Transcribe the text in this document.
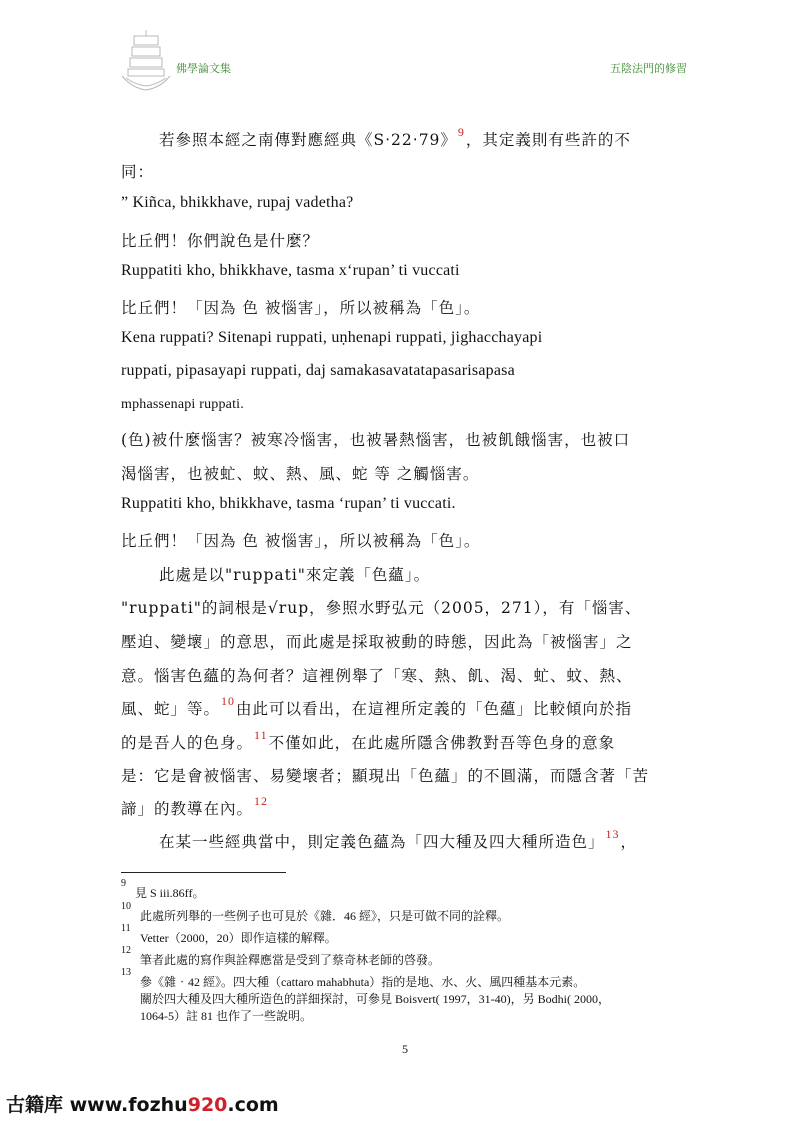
佛學論文集	五陰法門的修習
若參照本經之南傳對應經典《S‧22‧79》$^9$，其定義則有些許的不
同：
” Kiñca, bhikkhave, rupaj vadetha?
比丘們！你們說色是什麼？
Ruppatiti kho, bhikkhave, tasma x‘rupan’ ti vuccati
比丘們！「因為 色 被惱害」，所以被稱為「色」。
Kena ruppati? Sitenapi ruppati, uṇhenapi ruppati, jighacchayapi
ruppati, pipasayapi ruppati, daj samakasavatatapasarisapasa
mphassenapi ruppati.
(色)被什麼惱害？被寒冷惱害，也被暑熱惱害，也被飢餓惱害，也被口
渴惱害，也被虻、蚊、熱、風、蛇 等 之觸惱害。
Ruppatiti kho, bhikkhave, tasma ‘rupan’ ti vuccati.
比丘們！「因為 色 被惱害」，所以被稱為「色」。
此處是以"ruppati"來定義「色蘊」。
"ruppati"的詞根是√rup，參照水野弘元（2005，271），有「惱害、
壓迫、變壞」的意思，而此處是採取被動的時態，因此為「被惱害」之
意。惱害色蘊的為何者？這裡例舉了「寒、熱、飢、渴、虻、蚊、熱、
風、蛇」等。$^{10}$由此可以看出，在這裡所定義的「色蘊」比較傾向於指
的是吾人的色身。$^{11}$不僅如此，在此處所隱含佛教對吾等色身的意象
是：它是會被惱害、易變壞者；顯現出「色蘊」的不圓滿，而隱含著「苦
諦」的教導在內。$^{12}$
在某一些經典當中，則定義色蘊為「四大種及四大種所造色」$^{13}$，
9
見 S iii.86ff。
10
此處所列舉的一些例子也可見於《雜．46 經》，只是可做不同的詮釋。
11
Vetter（2000，20）即作這樣的解釋。
12
筆者此處的寫作與詮釋應當是受到了蔡奇林老師的啓發。
13
參《雜‧42 經》。四大種（cattaro mahabhuta）指的是地、水、火、風四種基本元素。
關於四大種及四大種所造色的詳細探討，可參見 Boisvert( 1997，31-40)，另 Bodhi( 2000，
1064-5）註 81 也作了一些說明。
5
古籍库 www.fozhu920.com
